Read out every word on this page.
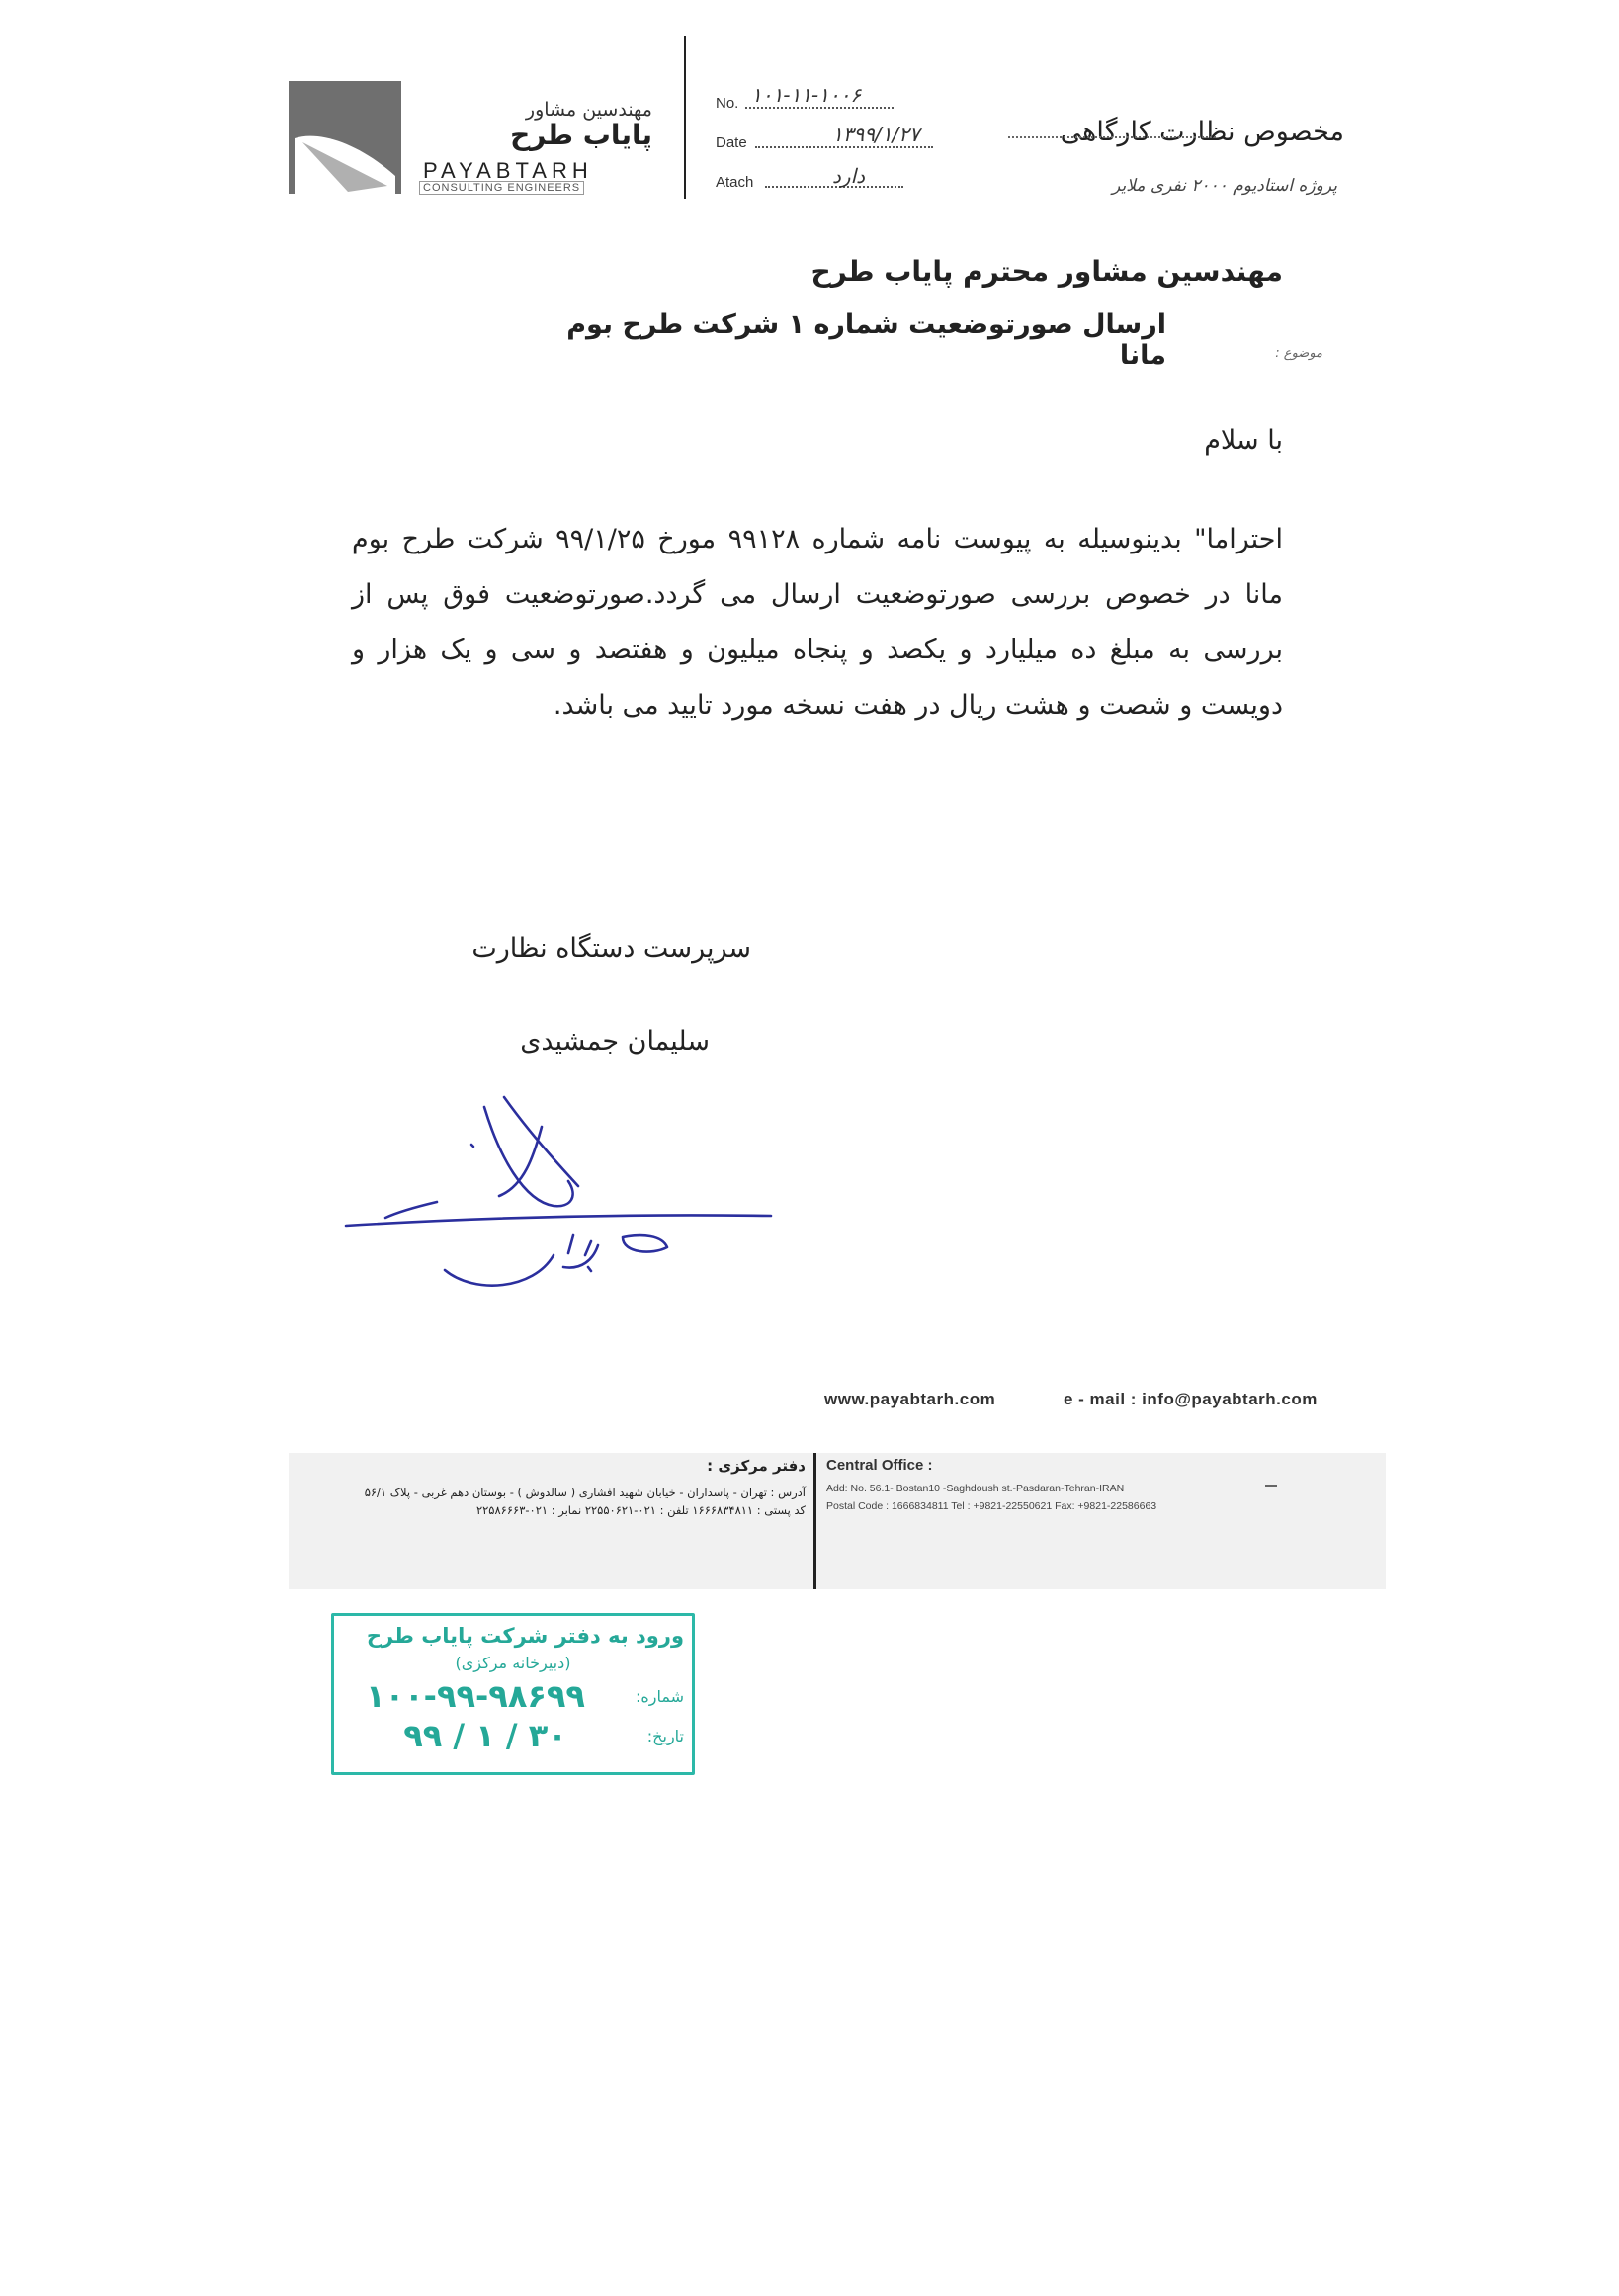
مهندسین مشاور
پایاب طرح
PAYABTARH
CONSULTING ENGINEERS
No. ۱۰۱-۱۱-۱۰۰۶
Date	۱۳۹۹/۱/۲۷
Atach	دارد
مخصوص نظارت کارگاهی
پروژه استادیوم ۲۰۰۰ نفری ملایر
مهندسین مشاور محترم پایاب طرح
ارسال صورتوضعیت شماره ۱ شرکت طرح بوم مانا	موضوع :
با سلام
احتراما" بدینوسیله به پیوست نامه شماره ۹۹۱۲۸ مورخ ۹۹/۱/۲۵ شرکت طرح بوم مانا در خصوص بررسی صورتوضعیت ارسال می گردد.صورتوضعیت فوق پس از بررسی به مبلغ ده میلیارد و یکصد و پنجاه میلیون و هفتصد و سی و یک هزار و دویست و شصت و هشت ریال در هفت نسخه مورد تایید می باشد.
سرپرست دستگاه نظارت
سلیمان جمشیدی
www.payabtarh.com	e - mail : info@payabtarh.com
دفتر مرکزی :
آدرس : تهران - پاسداران - خیابان شهید افشاری ( سالدوش ) - بوستان دهم غربی - پلاک ۵۶/۱
کد پستی : ۱۶۶۶۸۳۴۸۱۱ تلفن : ۰۲۱-۲۲۵۵۰۶۲۱ نمابر : ۰۲۱-۲۲۵۸۶۶۶۳
Central Office :
Add: No. 56.1- Bostan10 -Saghdoush st.-Pasdaran-Tehran-IRAN
Postal Code : 1666834811 Tel : +9821-22550621 Fax: +9821-22586663
ورود به دفتر شرکت پایاب طرح
(دبیرخانه مرکزی)
شماره:
۱۰۰-۹۹-۹۸۶۹۹
تاریخ:
۹۹ / ۱ / ۳۰
